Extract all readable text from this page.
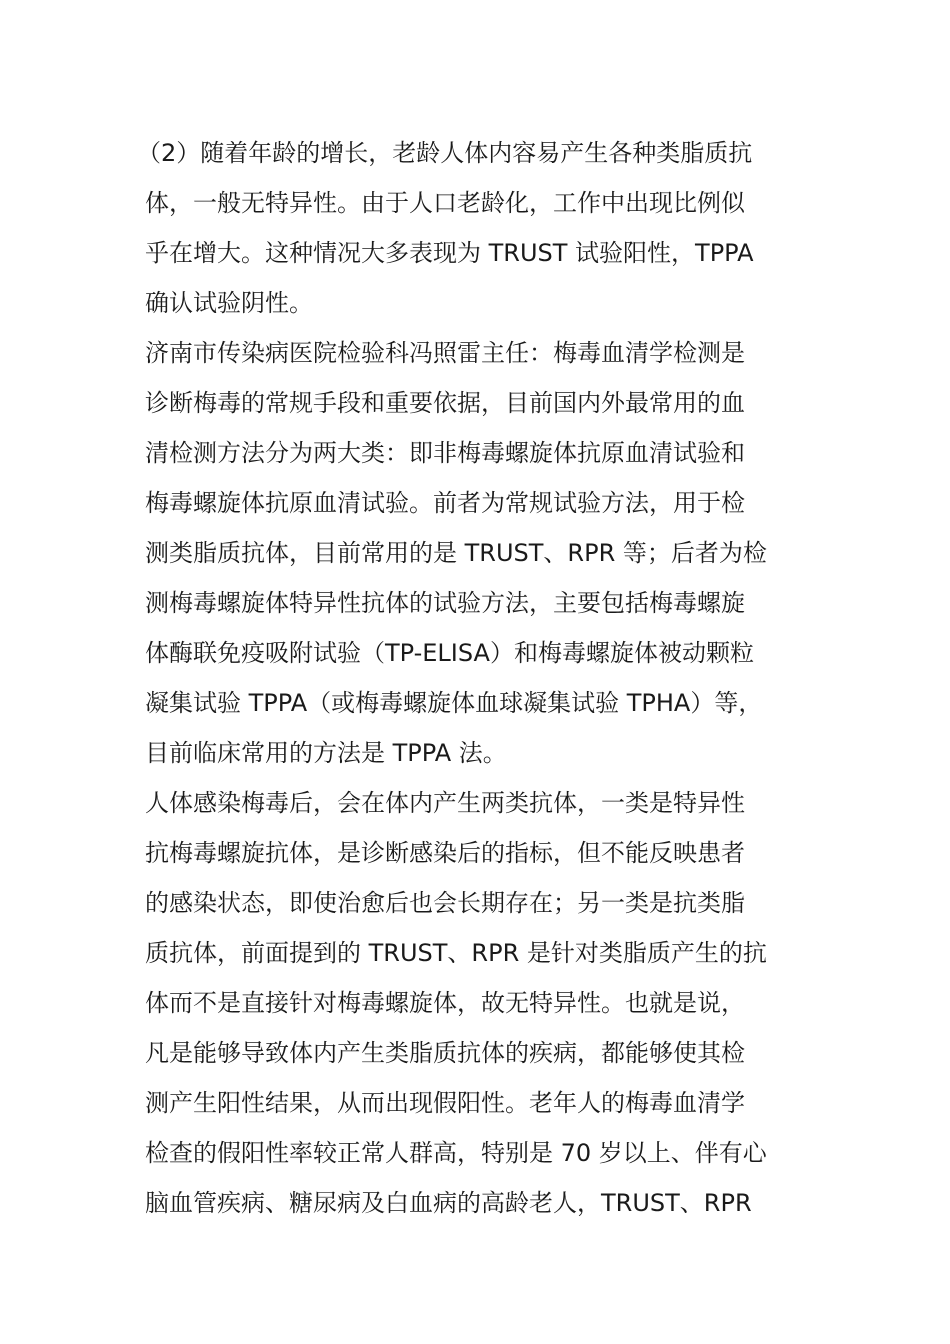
（2）随着年龄的增长，老龄人体内容易产生各种类脂质抗
体，一般无特异性。由于人口老龄化，工作中出现比例似
乎在增大。这种情况大多表现为 TRUST 试验阳性，TPPA
确认试验阴性。
济南市传染病医院检验科冯照雷主任：梅毒血清学检测是
诊断梅毒的常规手段和重要依据，目前国内外最常用的血
清检测方法分为两大类：即非梅毒螺旋体抗原血清试验和
梅毒螺旋体抗原血清试验。前者为常规试验方法，用于检
测类脂质抗体，目前常用的是 TRUST、RPR 等；后者为检
测梅毒螺旋体特异性抗体的试验方法，主要包括梅毒螺旋
体酶联免疫吸附试验（TP-ELISA）和梅毒螺旋体被动颗粒
凝集试验 TPPA（或梅毒螺旋体血球凝集试验 TPHA）等，
目前临床常用的方法是 TPPA 法。
人体感染梅毒后，会在体内产生两类抗体，一类是特异性
抗梅毒螺旋抗体，是诊断感染后的指标，但不能反映患者
的感染状态，即使治愈后也会长期存在；另一类是抗类脂
质抗体，前面提到的 TRUST、RPR 是针对类脂质产生的抗
体而不是直接针对梅毒螺旋体，故无特异性。也就是说，
凡是能够导致体内产生类脂质抗体的疾病，都能够使其检
测产生阳性结果，从而出现假阳性。老年人的梅毒血清学
检查的假阳性率较正常人群高，特别是 70 岁以上、伴有心
脑血管疾病、糖尿病及白血病的高龄老人，TRUST、RPR
